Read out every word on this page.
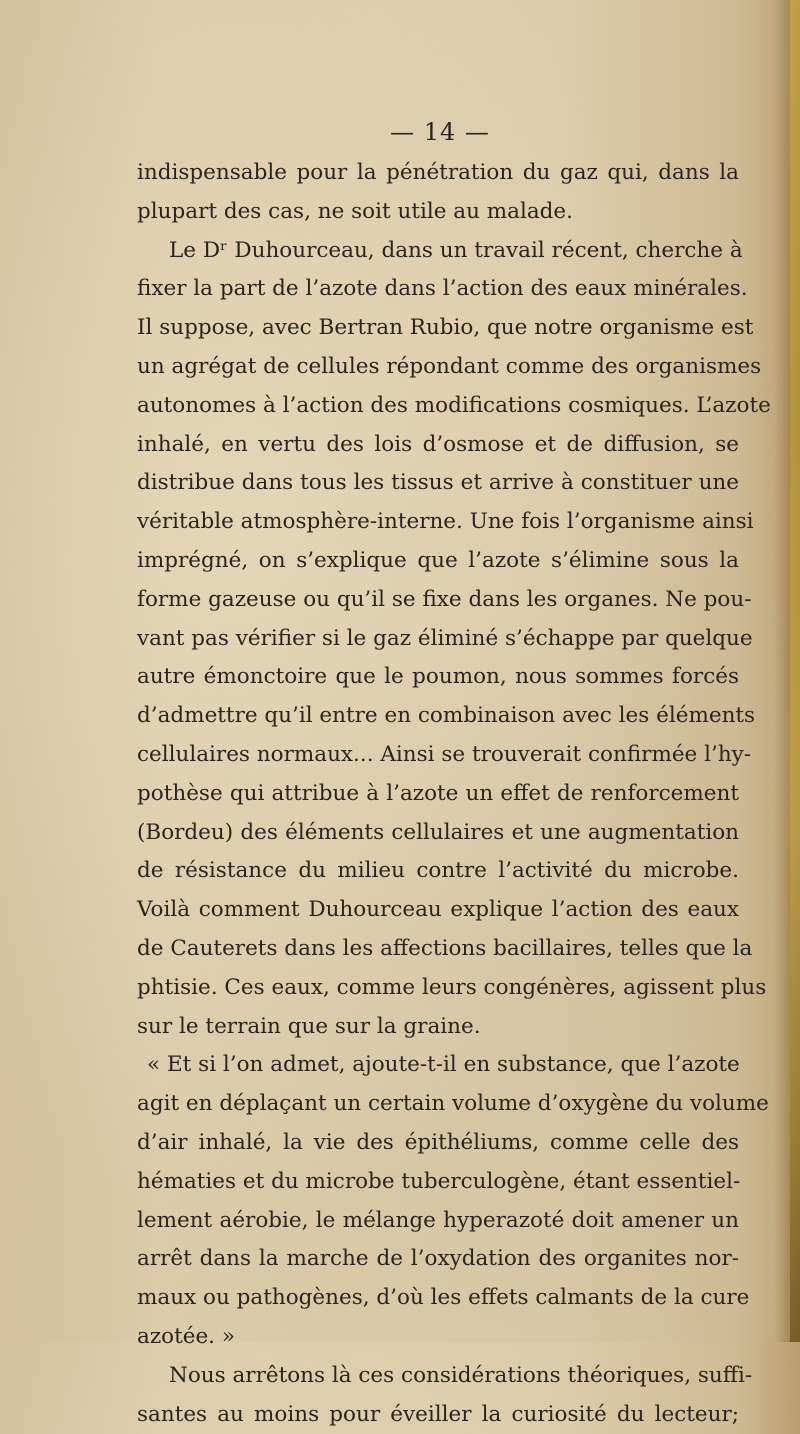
— 14 —
indispensable pour la pénétration du gaz qui, dans la
plupart des cas, ne soit utile au malade.
Le Dʳ Duhourceau, dans un travail récent, cherche à
fixer la part de l’azote dans l’action des eaux minérales.
Il suppose, avec Bertran Rubio, que notre organisme est
un agrégat de cellules répondant comme des organismes
autonomes à l’action des modifications cosmiques. L’azote
inhalé, en vertu des lois d’osmose et de diffusion, se
distribue dans tous les tissus et arrive à constituer une
véritable atmosphère-interne. Une fois l’organisme ainsi
imprégné, on s’explique que l’azote s’élimine sous la
forme gazeuse ou qu’il se fixe dans les organes. Ne pou-
vant pas vérifier si le gaz éliminé s’échappe par quelque
autre émonctoire que le poumon, nous sommes forcés
d’admettre qu’il entre en combinaison avec les éléments
cellulaires normaux... Ainsi se trouverait confirmée l’hy-
pothèse qui attribue à l’azote un effet de renforcement
(Bordeu) des éléments cellulaires et une augmentation
de résistance du milieu contre l’activité du microbe.
Voilà comment Duhourceau explique l’action des eaux
de Cauterets dans les affections bacillaires, telles que la
phtisie. Ces eaux, comme leurs congénères, agissent plus
sur le terrain que sur la graine.
« Et si l’on admet, ajoute-t-il en substance, que l’azote
agit en déplaçant un certain volume d’oxygène du volume
d’air inhalé, la vie des épithéliums, comme celle des
hématies et du microbe tuberculogène, étant essentiel-
lement aérobie, le mélange hyperazoté doit amener un
arrêt dans la marche de l’oxydation des organites nor-
maux ou pathogènes, d’où les effets calmants de la cure
azotée. »
Nous arrêtons là ces considérations théoriques, suffi-
santes au moins pour éveiller la curiosité du lecteur;
